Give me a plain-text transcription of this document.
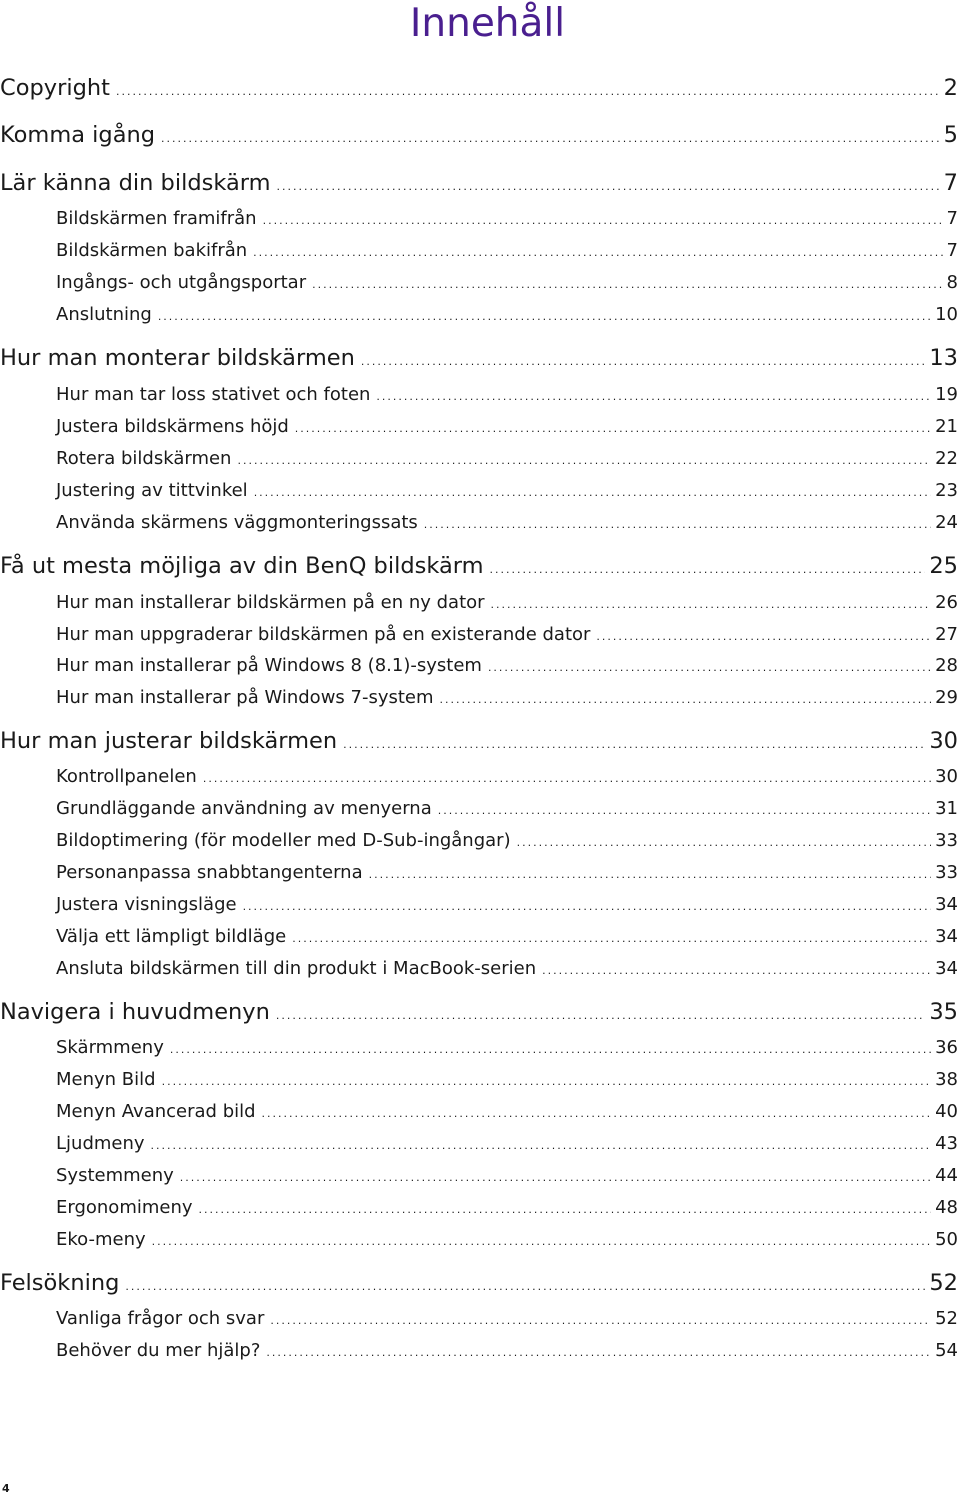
Innehåll
Copyright .....	2
Komma igång .....	5
Lär känna din bildskärm .....	7
Bildskärmen framifrån .....	7
Bildskärmen bakifrån .....	7
Ingångs- och utgångsportar .....	8
Anslutning .....	10
Hur man monterar bildskärmen .....	13
Hur man tar loss stativet och foten .....	19
Justera bildskärmens höjd .....	21
Rotera bildskärmen .....	22
Justering av tittvinkel .....	23
Använda skärmens väggmonteringssats .....	24
Få ut mesta möjliga av din BenQ bildskärm .....	25
Hur man installerar bildskärmen på en ny dator .....	26
Hur man uppgraderar bildskärmen på en existerande dator .....	27
Hur man installerar på Windows 8 (8.1)-system .....	28
Hur man installerar på Windows 7-system .....	29
Hur man justerar bildskärmen .....	30
Kontrollpanelen .....	30
Grundläggande användning av menyerna .....	31
Bildoptimering (för modeller med D-Sub-ingångar) .....	33
Personanpassa snabbtangenterna .....	33
Justera visningsläge .....	34
Välja ett lämpligt bildläge .....	34
Ansluta bildskärmen till din produkt i MacBook-serien .....	34
Navigera i huvudmenyn .....	35
Skärmmeny .....	36
Menyn Bild .....	38
Menyn Avancerad bild .....	40
Ljudmeny .....	43
Systemmeny .....	44
Ergonomimeny .....	48
Eko-meny .....	50
Felsökning .....	52
Vanliga frågor och svar .....	52
Behöver du mer hjälp? .....	54
4
